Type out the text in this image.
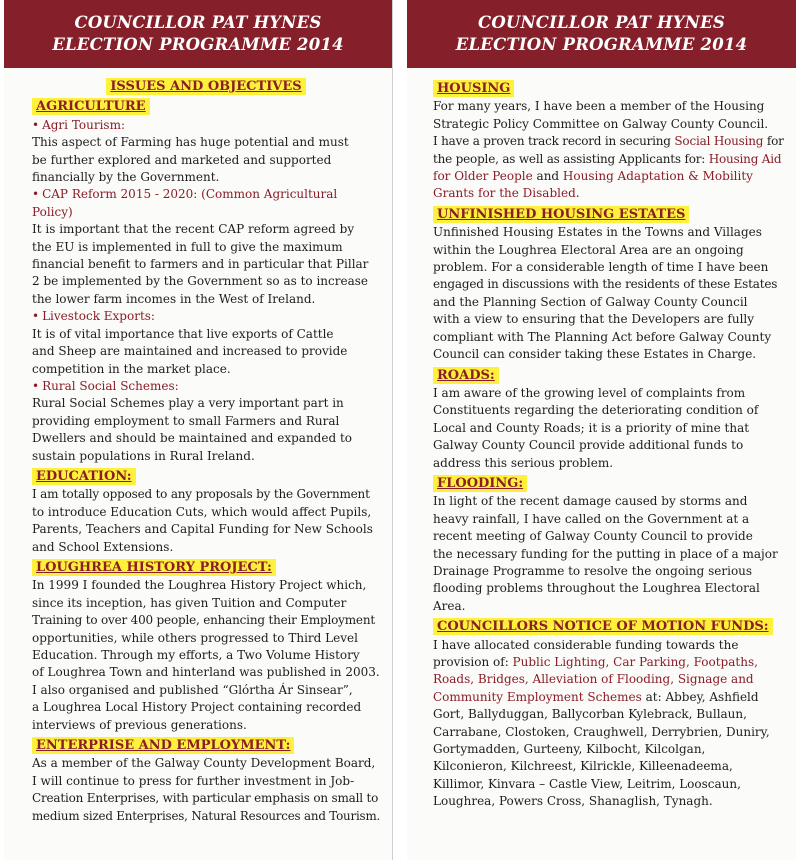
COUNCILLOR PAT HYNES
ELECTION PROGRAMME 2014
ISSUES AND OBJECTIVES
AGRICULTURE
• Agri Tourism:

This aspect of Farming has huge potential and must

be further explored and marketed and supported

financially by the Government.

• CAP Reform 2015 - 2020: (Common Agricultural Policy)

It is important that the recent CAP reform agreed by

the EU is implemented in full to give the maximum

financial benefit to farmers and in particular that Pillar

2 be implemented by the Government so as to increase

the lower farm incomes in the West of Ireland.

• Livestock Exports:

It is of vital importance that live exports of Cattle

and Sheep are maintained and increased to provide

competition in the market place.

• Rural Social Schemes:

Rural Social Schemes play a very important part in

providing employment to small Farmers and Rural

Dwellers and should be maintained and expanded to

sustain populations in Rural Ireland.

EDUCATION:

I am totally opposed to any proposals by the Government

to introduce Education Cuts, which would affect Pupils,

Parents, Teachers and Capital Funding for New Schools

and School Extensions.

LOUGHREA HISTORY PROJECT:

In 1999 I founded the Loughrea History Project which,

since its inception, has given Tuition and Computer

Training to over 400 people, enhancing their Employment

opportunities, while others progressed to Third Level

Education. Through my efforts, a Two Volume History

of Loughrea Town and hinterland was published in 2003.

I also organised and published “Glórtha Ár Sinsear”,

a Loughrea Local History Project containing recorded

interviews of previous generations.

ENTERPRISE AND EMPLOYMENT:

As a member of the Galway County Development Board,

I will continue to press for further investment in Job-

Creation Enterprises, with particular emphasis on small to

medium sized Enterprises, Natural Resources and Tourism.

COUNCILLOR PAT HYNES
ELECTION PROGRAMME 2014
HOUSING

For many years, I have been a member of the Housing

Strategic Policy Committee on Galway County Council.

I have a proven track record in securing Social Housing for

the people, as well as assisting Applicants for: Housing Aid

for Older People and Housing Adaptation & Mobility

Grants for the Disabled.

UNFINISHED HOUSING ESTATES

Unfinished Housing Estates in the Towns and Villages

within the Loughrea Electoral Area are an ongoing

problem. For a considerable length of time I have been

engaged in discussions with the residents of these Estates

and the Planning Section of Galway County Council

with a view to ensuring that the Developers are fully

compliant with The Planning Act before Galway County

Council can consider taking these Estates in Charge.

ROADS:

I am aware of the growing level of complaints from

Constituents regarding the deteriorating condition of

Local and County Roads; it is a priority of mine that

Galway County Council provide additional funds to

address this serious problem.

FLOODING:

In light of the recent damage caused by storms and

heavy rainfall, I have called on the Government at a

recent meeting of Galway County Council to provide

the necessary funding for the putting in place of a major

Drainage Programme to resolve the ongoing serious

flooding problems throughout the Loughrea Electoral

Area.

COUNCILLORS NOTICE OF MOTION FUNDS:

I have allocated considerable funding towards the

provision of: Public Lighting, Car Parking, Footpaths,

Roads, Bridges, Alleviation of Flooding, Signage and

Community Employment Schemes at: Abbey, Ashfield

Gort, Ballyduggan, Ballycorban Kylebrack, Bullaun,

Carrabane, Clostoken, Craughwell, Derrybrien, Duniry,

Gortymadden, Gurteeny, Kilbocht, Kilcolgan,

Kilconieron, Kilchreest, Kilrickle, Killeenadeema,

Killimor, Kinvara – Castle View, Leitrim, Looscaun,

Loughrea, Powers Cross, Shanaglish, Tynagh.
